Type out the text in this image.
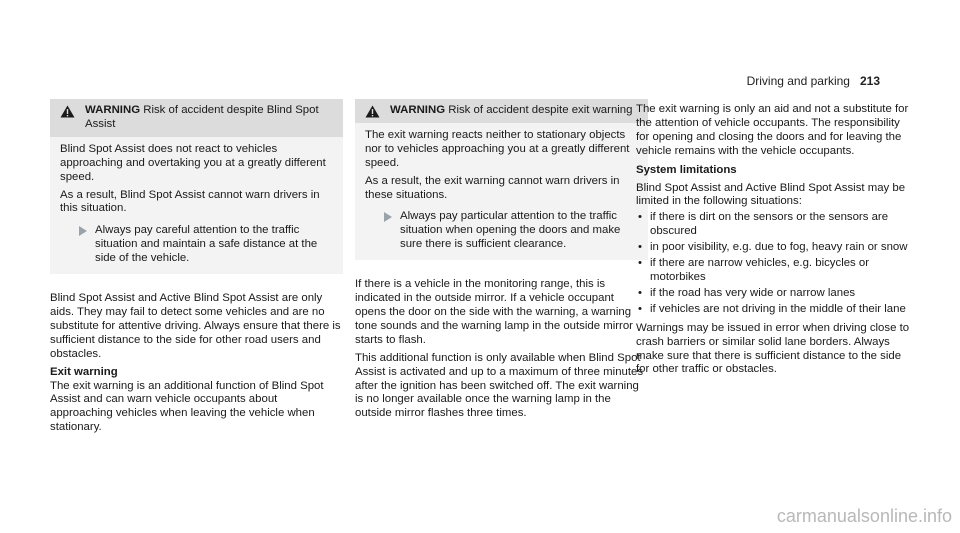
Driving and parking 213
WARNING Risk of accident despite Blind Spot Assist

Blind Spot Assist does not react to vehicles approaching and overtaking you at a greatly different speed.

As a result, Blind Spot Assist cannot warn drivers in this situation.

Always pay careful attention to the traffic situation and maintain a safe distance at the side of the vehicle.

Blind Spot Assist and Active Blind Spot Assist are only aids. They may fail to detect some vehicles and are no substitute for attentive driving. Always ensure that there is sufficient distance to the side for other road users and obstacles.

Exit warning

The exit warning is an additional function of Blind Spot Assist and can warn vehicle occupants about approaching vehicles when leaving the vehicle when stationary.

WARNING Risk of accident despite exit warning

The exit warning reacts neither to stationary objects nor to vehicles approaching you at a greatly different speed.

As a result, the exit warning cannot warn drivers in these situations.

Always pay particular attention to the traffic situation when opening the doors and make sure there is sufficient clearance.

If there is a vehicle in the monitoring range, this is indicated in the outside mirror. If a vehicle occupant opens the door on the side with the warning, a warning tone sounds and the warning lamp in the outside mirror starts to flash.

This additional function is only available when Blind Spot Assist is activated and up to a maximum of three minutes after the ignition has been switched off. The exit warning is no longer available once the warning lamp in the outside mirror flashes three times.

The exit warning is only an aid and not a substitute for the attention of vehicle occupants. The responsibility for opening and closing the doors and for leaving the vehicle remains with the vehicle occupants.

System limitations

Blind Spot Assist and Active Blind Spot Assist may be limited in the following situations:

• if there is dirt on the sensors or the sensors are obscured
• in poor visibility, e.g. due to fog, heavy rain or snow
• if there are narrow vehicles, e.g. bicycles or motorbikes
• if the road has very wide or narrow lanes
• if vehicles are not driving in the middle of their lane

Warnings may be issued in error when driving close to crash barriers or similar solid lane borders. Always make sure that there is sufficient distance to the side for other traffic or obstacles.

carmanualsonline.info
